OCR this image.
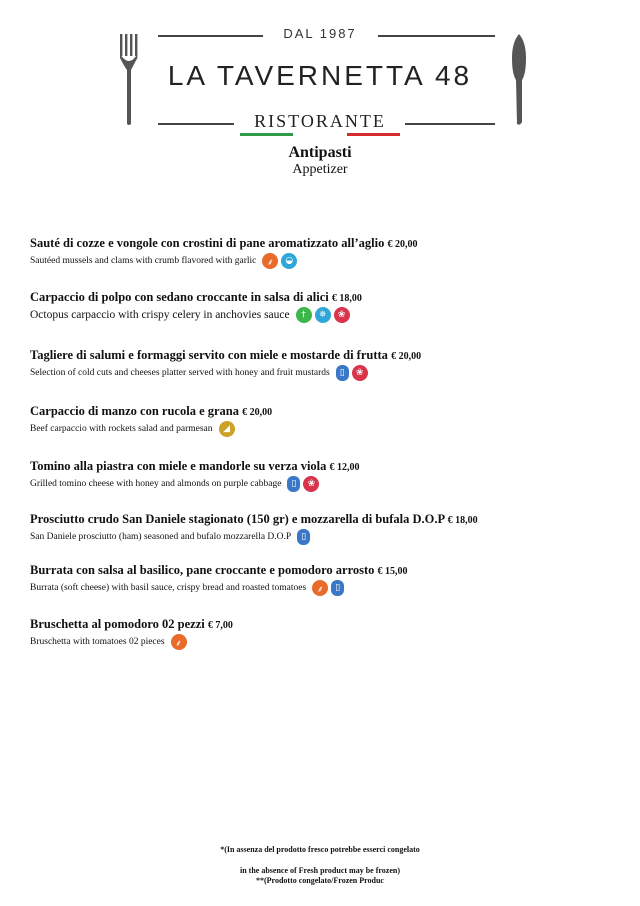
DAL 1987
LA TAVERNETTA 48
RISTORANTE
Antipasti
Appetizer
Sauté di cozze e vongole con crostini di pane aromatizzato all’aglio € 20,00
Sautéed mussels and clams with crumb flavored with garlic	⸙	◒
Carpaccio di polpo con sedano croccante in salsa di alici € 18,00
Octopus carpaccio with crispy celery in anchovies sauce	†	✵	❀
Tagliere di salumi e formaggi servito con miele e mostarde di frutta € 20,00
Selection of cold cuts and cheeses platter served with honey and fruit mustards	▯	❀
Carpaccio di manzo con rucola e grana € 20,00
Beef carpaccio with rockets salad and parmesan	◢
Tomino alla piastra con miele e mandorle su verza viola € 12,00
Grilled tomino cheese with honey and almonds on purple cabbage	▯	❀
Prosciutto crudo San Daniele stagionato (150 gr) e mozzarella di bufala D.O.P € 18,00
San Daniele prosciutto (ham) seasoned and bufalo mozzarella D.O.P	▯
Burrata con salsa al basilico, pane croccante e pomodoro arrosto € 15,00
Burrata (soft cheese) with basil sauce, crispy bread and roasted tomatoes	⸙	▯
Bruschetta al pomodoro 02 pezzi € 7,00
Bruschetta with tomatoes 02 pieces	⸙
*(In assenza del prodotto fresco potrebbe esserci congelato
in the absence of Fresh product may be frozen)
**(Prodotto congelato/Frozen Produc
